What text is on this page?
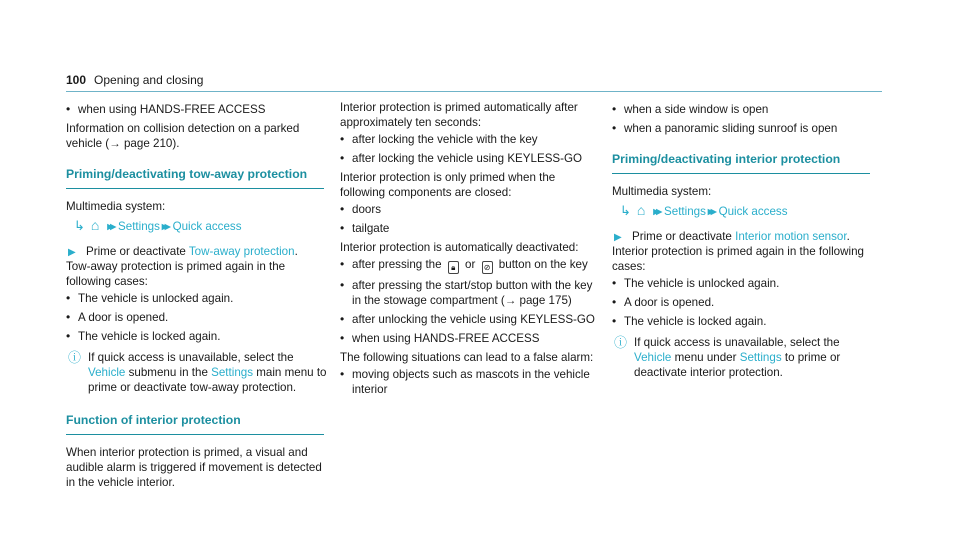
100 Opening and closing
• when using HANDS-FREE ACCESS

Information on collision detection on a parked vehicle (→ page 210).

Priming/deactivating tow-away protection

Multimedia system:

↳ ⌂ ▸▸ Settings ▸▸ Quick access
▶ Prime or deactivate Tow-away protection.

Tow-away protection is primed again in the following cases:

• The vehicle is unlocked again.
• A door is opened.
• The vehicle is locked again.
ⓘ If quick access is unavailable, select the Vehicle submenu in the Settings main menu to prime or deactivate tow-away protection.
Function of interior protection

When interior protection is primed, a visual and audible alarm is triggered if movement is detected in the vehicle interior.

Interior protection is primed automatically after approximately ten seconds:

• after locking the vehicle with the key
• after locking the vehicle using KEYLESS-GO

Interior protection is only primed when the following components are closed:

• doors
• tailgate

Interior protection is automatically deactivated:

• after pressing the 🔒︎ or ⊘ button on the key
• after pressing the start/stop button with the key in the stowage compartment (→ page 175)
• after unlocking the vehicle using KEYLESS-GO
• when using HANDS-FREE ACCESS

The following situations can lead to a false alarm:

• moving objects such as mascots in the vehicle interior
• when a side window is open
• when a panoramic sliding sunroof is open
Priming/deactivating interior protection

Multimedia system:

↳ ⌂ ▸▸ Settings ▸▸ Quick access
▶ Prime or deactivate Interior motion sensor.

Interior protection is primed again in the following cases:

• The vehicle is unlocked again.
• A door is opened.
• The vehicle is locked again.
ⓘ If quick access is unavailable, select the Vehicle menu under Settings to prime or deactivate interior protection.
